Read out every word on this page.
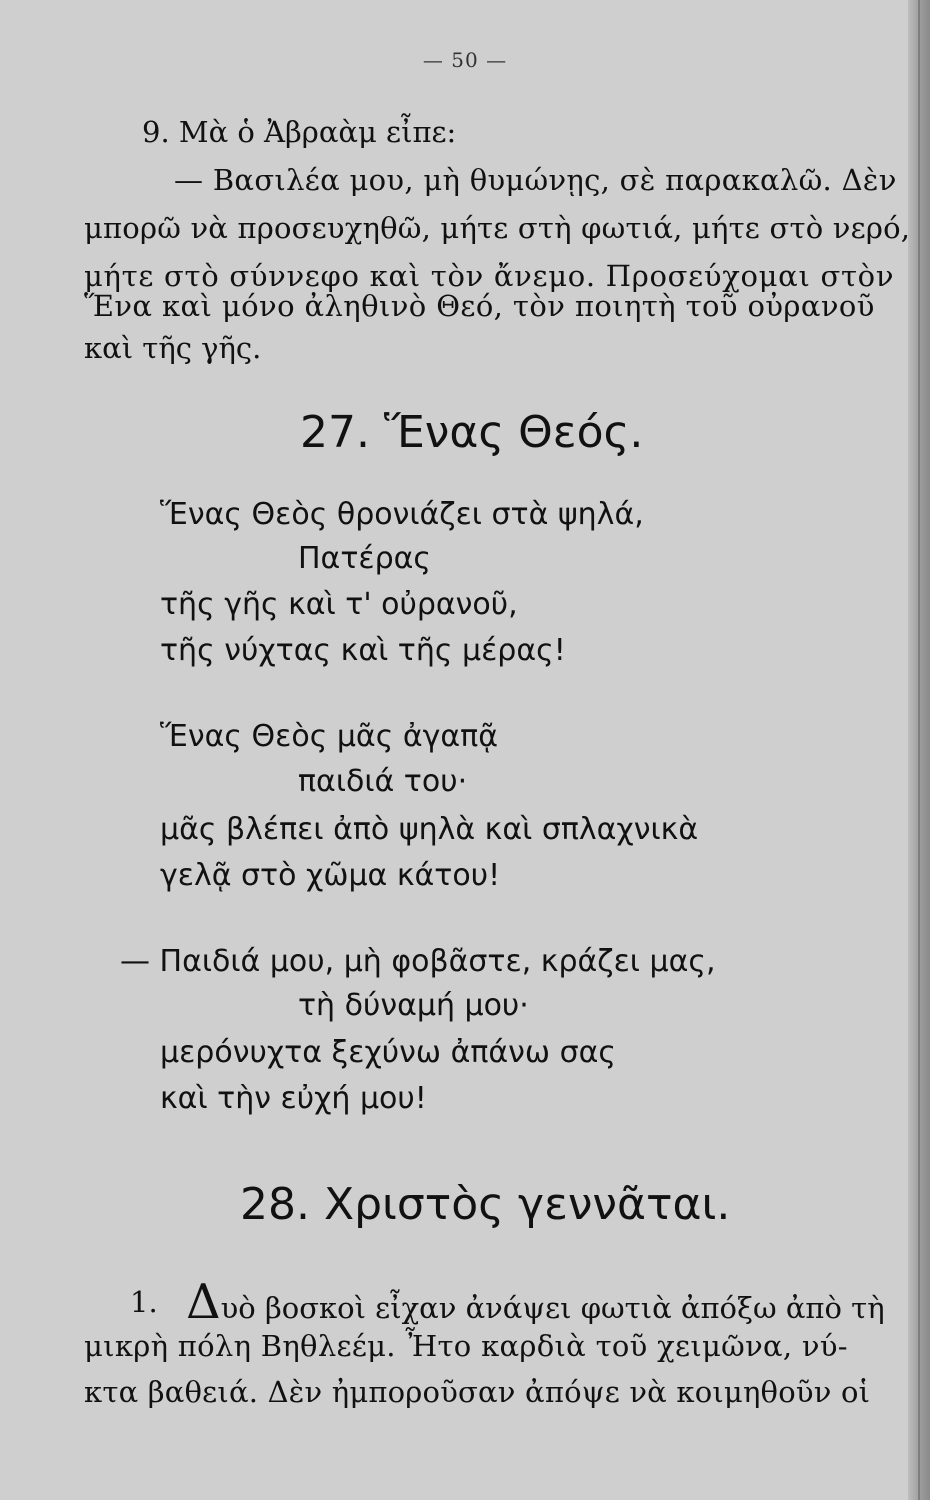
— 50 —
9. Μὰ ὁ Ἀβραὰμ εἶπε:
— Βασιλέα μου, μὴ θυμώνῃς, σὲ παρακαλῶ. Δὲν
μπορῶ νὰ προσευχηθῶ, μήτε στὴ φωτιά, μήτε στὸ νερό,
μήτε στὸ σύννεφο καὶ τὸν ἄνεμο. Προσεύχομαι στὸν
Ἕνα καὶ μόνο ἀληθινὸ Θεό, τὸν ποιητὴ τοῦ οὐρανοῦ
καὶ τῆς γῆς.
27. Ἕνας Θεός.
Ἕνας Θεὸς θρονιάζει στὰ ψηλά,
Πατέρας
τῆς γῆς καὶ τ' οὐρανοῦ,
τῆς νύχτας καὶ τῆς μέρας!
Ἕνας Θεὸς μᾶς ἀγαπᾷ
παιδιά του·
μᾶς βλέπει ἀπὸ ψηλὰ καὶ σπλαχνικὰ
γελᾷ στὸ χῶμα κάτου!
— Παιδιά μου, μὴ φοβᾶστε, κράζει μας,
τὴ δύναμή μου·
μερόνυχτα ξεχύνω ἀπάνω σας
καὶ τὴν εὐχή μου!
28. Χριστὸς γεννᾶται.
1. Δυὸ βοσκοὶ εἶχαν ἀνάψει φωτιὰ ἀπόξω ἀπὸ τὴ
μικρὴ πόλη Βηθλεέμ. Ἦτο καρδιὰ τοῦ χειμῶνα, νύ-
κτα βαθειά. Δὲν ἠμποροῦσαν ἀπόψε νὰ κοιμηθοῦν οἱ
